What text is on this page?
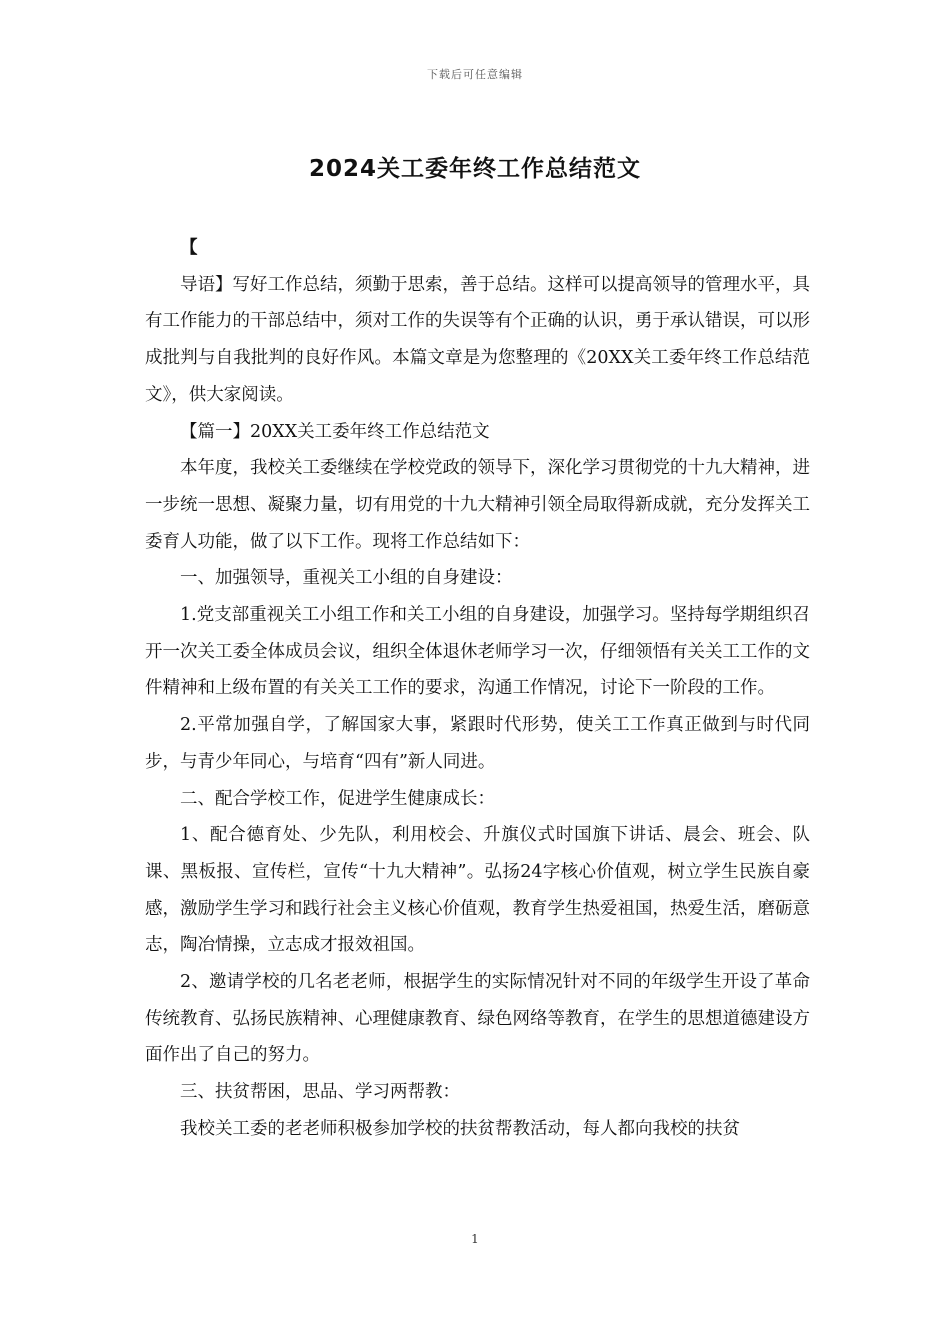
下载后可任意编辑
2024关工委年终工作总结范文

【

导语】写好工作总结，须勤于思索，善于总结。这样可以提高领导的管理水平，具有工作能力的干部总结中，须对工作的失误等有个正确的认识，勇于承认错误，可以形成批判与自我批判的良好作风。本篇文章是为您整理的《20XX关工委年终工作总结范文》，供大家阅读。

【篇一】20XX关工委年终工作总结范文

本年度，我校关工委继续在学校党政的领导下，深化学习贯彻党的十九大精神，进一步统一思想、凝聚力量，切有用党的十九大精神引领全局取得新成就，充分发挥关工委育人功能，做了以下工作。现将工作总结如下：

一、加强领导，重视关工小组的自身建设：

1.党支部重视关工小组工作和关工小组的自身建设，加强学习。坚持每学期组织召开一次关工委全体成员会议，组织全体退休老师学习一次，仔细领悟有关关工工作的文件精神和上级布置的有关关工工作的要求，沟通工作情况，讨论下一阶段的工作。

2.平常加强自学，了解国家大事，紧跟时代形势，使关工工作真正做到与时代同步，与青少年同心，与培育“四有”新人同进。

二、配合学校工作，促进学生健康成长：

1、配合德育处、少先队，利用校会、升旗仪式时国旗下讲话、晨会、班会、队课、黑板报、宣传栏，宣传“十九大精神”。弘扬24字核心价值观，树立学生民族自豪感，激励学生学习和践行社会主义核心价值观，教育学生热爱祖国，热爱生活，磨砺意志，陶冶情操，立志成才报效祖国。

2、邀请学校的几名老老师，根据学生的实际情况针对不同的年级学生开设了革命传统教育、弘扬民族精神、心理健康教育、绿色网络等教育，在学生的思想道德建设方面作出了自己的努力。

三、扶贫帮困，思品、学习两帮教：

我校关工委的老老师积极参加学校的扶贫帮教活动，每人都向我校的扶贫

1
